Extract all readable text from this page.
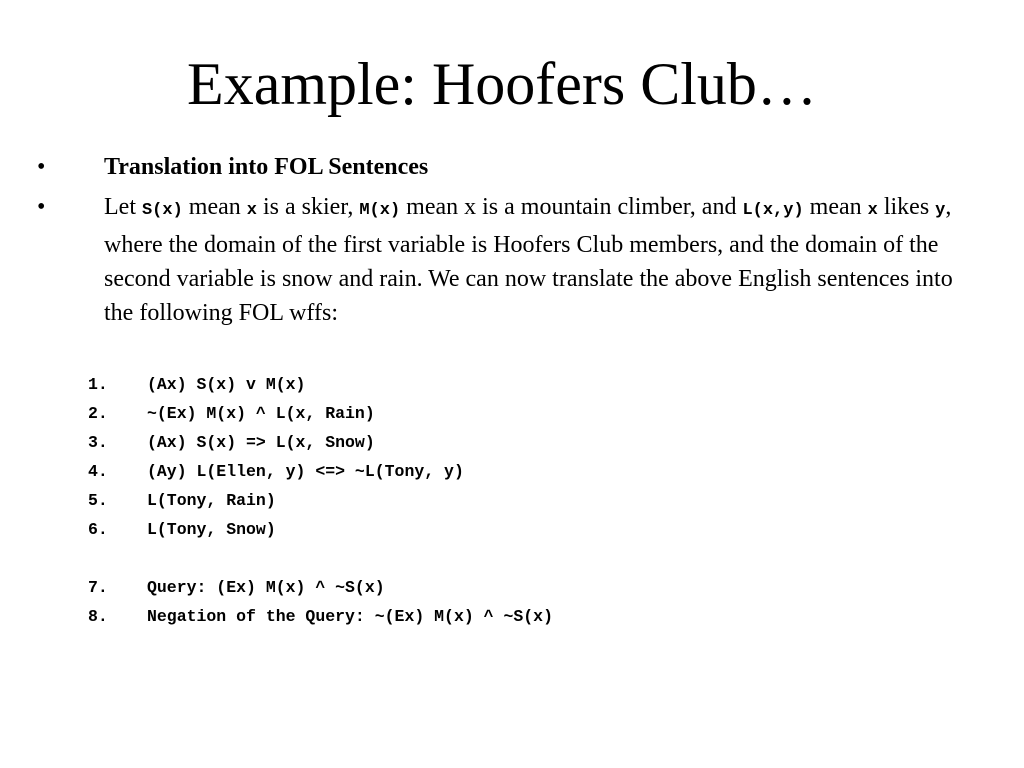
Example: Hoofers Club…
• Translation into FOL Sentences
• Let S(x) mean x is a skier, M(x) mean x is a mountain climber, and L(x,y) mean x likes y, where the domain of the first variable is Hoofers Club members, and the domain of the second variable is snow and rain. We can now translate the above English sentences into the following FOL wffs:
1.	(Ax) S(x) v M(x)
2.	~(Ex) M(x) ^ L(x, Rain)
3.	(Ax) S(x) => L(x, Snow)
4.	(Ay) L(Ellen, y) <=> ~L(Tony, y)
5.	L(Tony, Rain)
6.	L(Tony, Snow)
7.	Query: (Ex) M(x) ^ ~S(x)
8.	Negation of the Query: ~(Ex) M(x) ^ ~S(x)
